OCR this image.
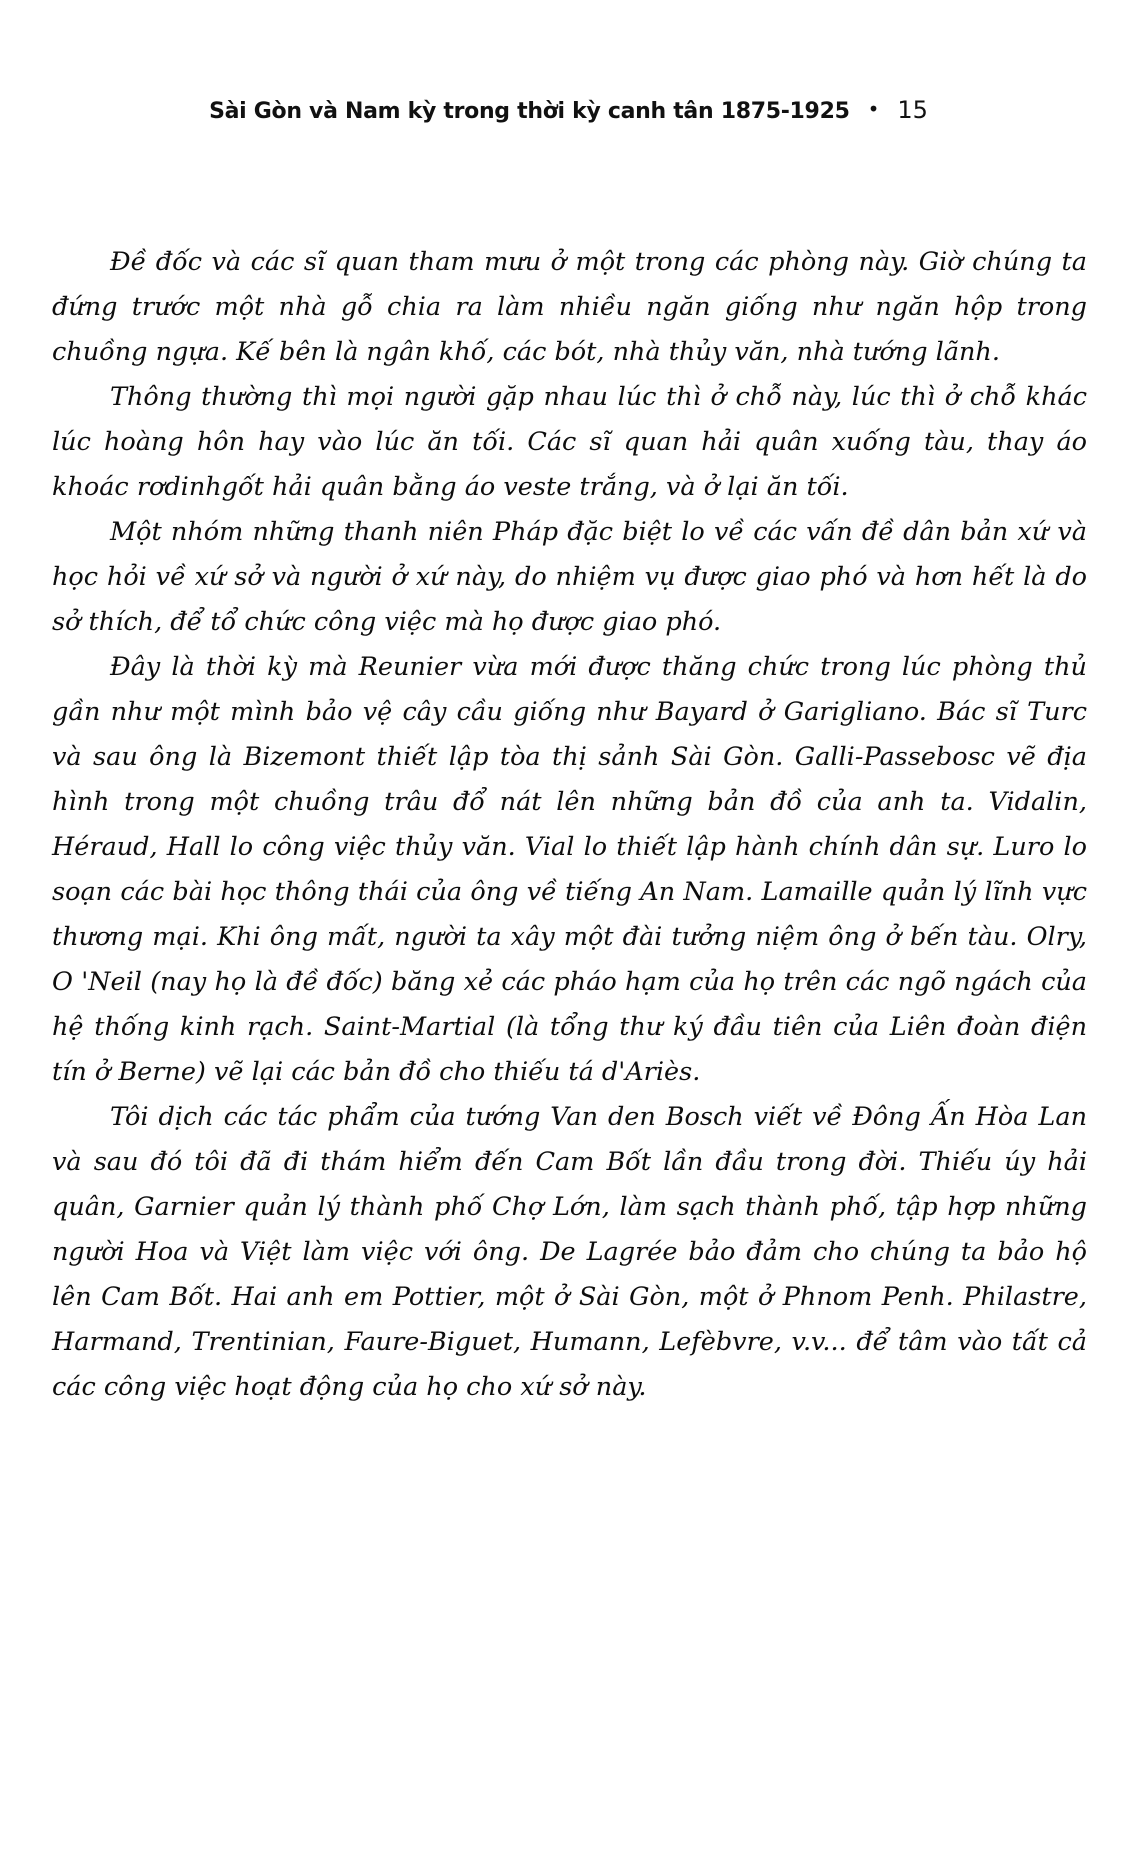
Sài Gòn và Nam kỳ trong thời kỳ canh tân 1875-1925 • 15

Đề đốc và các sĩ quan tham mưu ở một trong các phòng này. Giờ chúng ta đứng trước một nhà gỗ chia ra làm nhiều ngăn giống như ngăn hộp trong chuồng ngựa. Kế bên là ngân khố, các bót, nhà thủy văn, nhà tướng lãnh.

Thông thường thì mọi người gặp nhau lúc thì ở chỗ này, lúc thì ở chỗ khác lúc hoàng hôn hay vào lúc ăn tối. Các sĩ quan hải quân xuống tàu, thay áo khoác rơdinhgốt hải quân bằng áo veste trắng, và ở lại ăn tối.

Một nhóm những thanh niên Pháp đặc biệt lo về các vấn đề dân bản xứ và học hỏi về xứ sở và người ở xứ này, do nhiệm vụ được giao phó và hơn hết là do sở thích, để tổ chức công việc mà họ được giao phó.

Đây là thời kỳ mà Reunier vừa mới được thăng chức trong lúc phòng thủ gần như một mình bảo vệ cây cầu giống như Bayard ở Garigliano. Bác sĩ Turc và sau ông là Bizemont thiết lập tòa thị sảnh Sài Gòn. Galli-Passebosc vẽ địa hình trong một chuồng trâu đổ nát lên những bản đồ của anh ta. Vidalin, Héraud, Hall lo công việc thủy văn. Vial lo thiết lập hành chính dân sự. Luro lo soạn các bài học thông thái của ông về tiếng An Nam. Lamaille quản lý lĩnh vực thương mại. Khi ông mất, người ta xây một đài tưởng niệm ông ở bến tàu. Olry, O 'Neil (nay họ là đề đốc) băng xẻ các pháo hạm của họ trên các ngõ ngách của hệ thống kinh rạch. Saint-Martial (là tổng thư ký đầu tiên của Liên đoàn điện tín ở Berne) vẽ lại các bản đồ cho thiếu tá d'Ariès.

Tôi dịch các tác phẩm của tướng Van den Bosch viết về Đông Ấn Hòa Lan và sau đó tôi đã đi thám hiểm đến Cam Bốt lần đầu trong đời. Thiếu úy hải quân, Garnier quản lý thành phố Chợ Lớn, làm sạch thành phố, tập hợp những người Hoa và Việt làm việc với ông. De Lagrée bảo đảm cho chúng ta bảo hộ lên Cam Bốt. Hai anh em Pottier, một ở Sài Gòn, một ở Phnom Penh. Philastre, Harmand, Trentinian, Faure-Biguet, Humann, Lefèbvre, v.v... để tâm vào tất cả các công việc hoạt động của họ cho xứ sở này.
